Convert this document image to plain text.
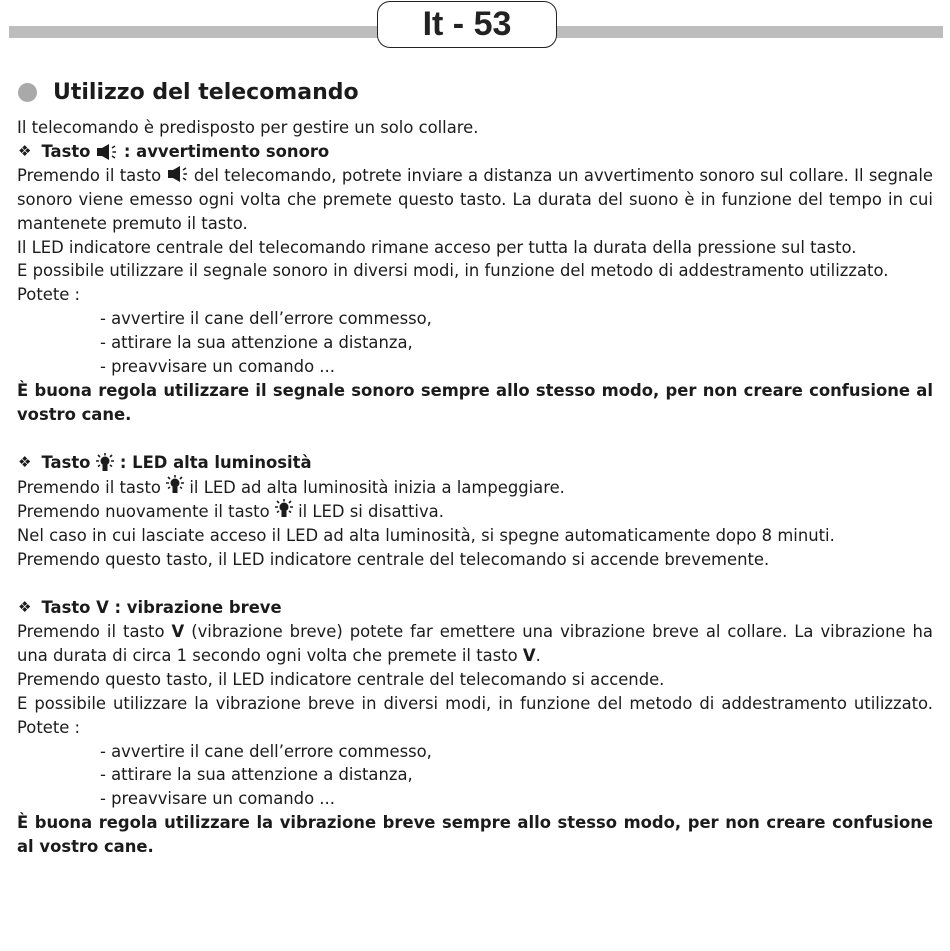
It - 53
Utilizzo del telecomando

Il telecomando è predisposto per gestire un solo collare.

❖ Tasto

: avvertimento sonoro

Premendo il tasto del telecomando, potrete inviare a distanza un avvertimento sonoro sul collare. Il segnale sonoro viene emesso ogni volta che premete questo tasto. La durata del suono è in funzione del tempo in cui mantenete premuto il tasto.

Il LED indicatore centrale del telecomando rimane acceso per tutta la durata della pressione sul tasto.

E possibile utilizzare il segnale sonoro in diversi modi, in funzione del metodo di addestramento utilizzato.

Potete :

- avvertire il cane dell’errore commesso,

- attirare la sua attenzione a distanza,

- preavvisare un comando ...

È buona regola utilizzare il segnale sonoro sempre allo stesso modo, per non creare confusione al vostro cane.

❖ Tasto

: LED alta luminosità

Premendo il tasto il LED ad alta luminosità inizia a lampeggiare.

Premendo nuovamente il tasto il LED si disattiva.

Nel caso in cui lasciate acceso il LED ad alta luminosità, si spegne automaticamente dopo 8 minuti.

Premendo questo tasto, il LED indicatore centrale del telecomando si accende brevemente.

❖ Tasto V : vibrazione breve

Premendo il tasto V (vibrazione breve) potete far emettere una vibrazione breve al collare. La vibrazione ha una durata di circa 1 secondo ogni volta che premete il tasto V.

Premendo questo tasto, il LED indicatore centrale del telecomando si accende.

E possibile utilizzare la vibrazione breve in diversi modi, in funzione del metodo di addestramento utilizzato. Potete :

- avvertire il cane dell’errore commesso,

- attirare la sua attenzione a distanza,

- preavvisare un comando ...

È buona regola utilizzare la vibrazione breve sempre allo stesso modo, per non creare confusione al vostro cane.
